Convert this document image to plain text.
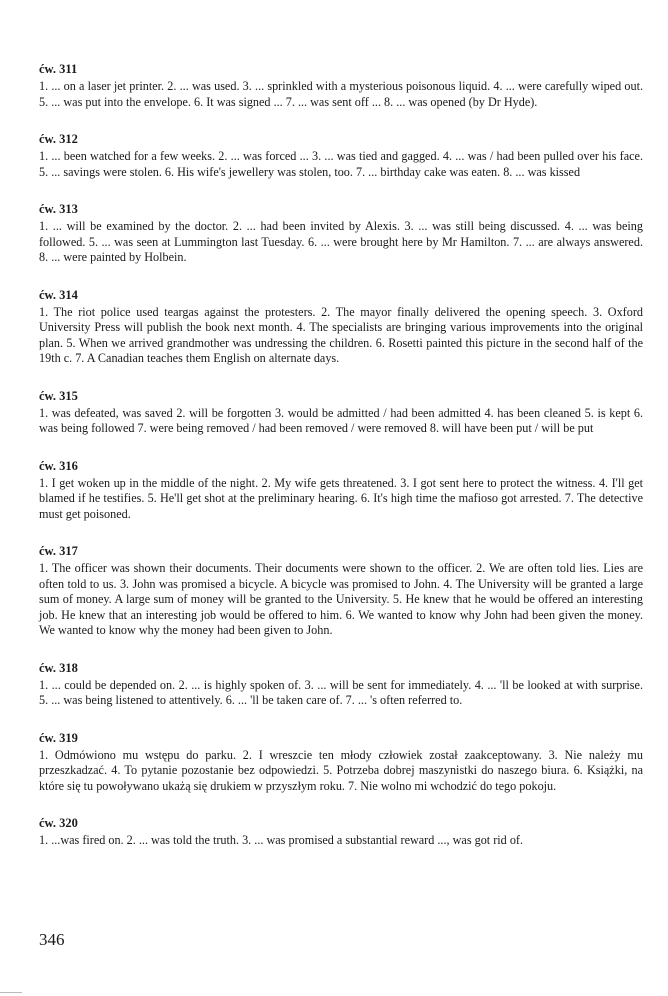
ćw. 311

1. ... on a laser jet printer. 2. ... was used. 3. ... sprinkled with a mysterious poisonous liquid. 4. ... were carefully wiped out. 5. ... was put into the envelope. 6. It was signed ... 7. ... was sent off ... 8. ... was opened (by Dr Hyde).

ćw. 312

1. ... been watched for a few weeks. 2. ... was forced ... 3. ... was tied and gagged. 4. ... was / had been pulled over his face. 5. ... savings were stolen. 6. His wife's jewellery was stolen, too. 7. ... birthday cake was eaten. 8. ... was kissed

ćw. 313

1. ... will be examined by the doctor. 2. ... had been invited by Alexis. 3. ... was still being discussed. 4. ... was being followed. 5. ... was seen at Lummington last Tuesday. 6. ... were brought here by Mr Hamilton. 7. ... are always answered. 8. ... were painted by Holbein.

ćw. 314

1. The riot police used teargas against the protesters. 2. The mayor finally delivered the opening speech. 3. Oxford University Press will publish the book next month. 4. The specialists are bringing various improvements into the original plan. 5. When we arrived grandmother was undressing the children. 6. Rosetti painted this picture in the second half of the 19th c. 7. A Canadian teaches them English on alternate days.

ćw. 315

1. was defeated, was saved 2. will be forgotten 3. would be admitted / had been admitted 4. has been cleaned 5. is kept 6. was being followed 7. were being removed / had been removed / were removed 8. will have been put / will be put

ćw. 316

1. I get woken up in the middle of the night. 2. My wife gets threatened. 3. I got sent here to protect the witness. 4. I'll get blamed if he testifies. 5. He'll get shot at the preliminary hearing. 6. It's high time the mafioso got arrested. 7. The detective must get poisoned.

ćw. 317

1. The officer was shown their documents. Their documents were shown to the officer. 2. We are often told lies. Lies are often told to us. 3. John was promised a bicycle. A bicycle was promised to John. 4. The University will be granted a large sum of money. A large sum of money will be granted to the University. 5. He knew that he would be offered an interesting job. He knew that an interesting job would be offered to him. 6. We wanted to know why John had been given the money. We wanted to know why the money had been given to John.

ćw. 318

1. ... could be depended on. 2. ... is highly spoken of. 3. ... will be sent for immediately. 4. ... 'll be looked at with surprise. 5. ... was being listened to attentively. 6. ... 'll be taken care of. 7. ... 's often referred to.

ćw. 319

1. Odmówiono mu wstępu do parku. 2. I wreszcie ten młody człowiek został zaakceptowany. 3. Nie należy mu przeszkadzać. 4. To pytanie pozostanie bez odpowiedzi. 5. Potrzeba dobrej maszynistki do naszego biura. 6. Książki, na które się tu powoływano ukażą się drukiem w przyszłym roku. 7. Nie wolno mi wchodzić do tego pokoju.

ćw. 320

1. ...was fired on. 2. ... was told the truth. 3. ... was promised a substantial reward ..., was got rid of.

346
